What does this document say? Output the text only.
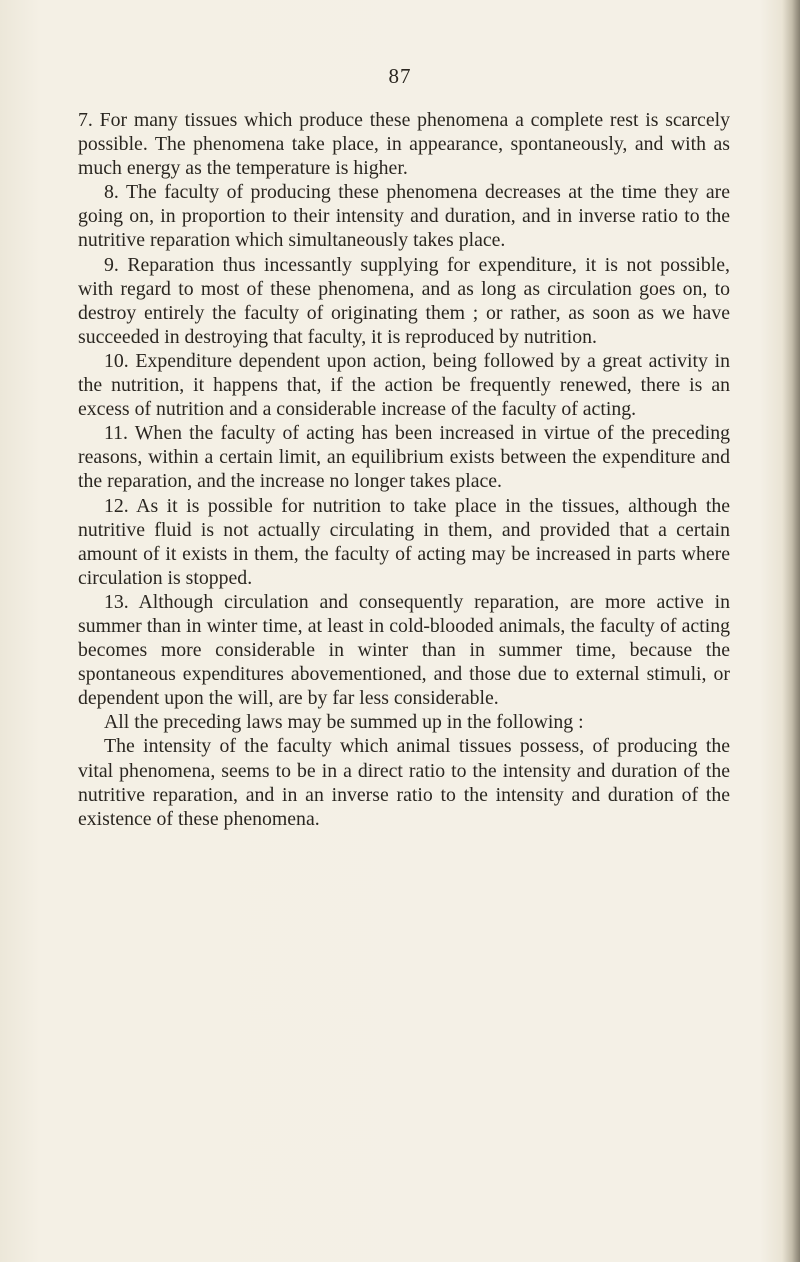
87

7. For many tissues which produce these phenomena a complete rest is scarcely possible. The phenomena take place, in appearance, spontaneously, and with as much energy as the temperature is higher.

8. The faculty of producing these phenomena decreases at the time they are going on, in proportion to their intensity and duration, and in inverse ratio to the nutritive reparation which simultaneously takes place.

9. Reparation thus incessantly supplying for expenditure, it is not possible, with regard to most of these phenomena, and as long as circulation goes on, to destroy entirely the faculty of originating them ; or rather, as soon as we have succeeded in destroying that faculty, it is reproduced by nutrition.

10. Expenditure dependent upon action, being followed by a great activity in the nutrition, it happens that, if the action be frequently renewed, there is an excess of nutrition and a considerable increase of the faculty of acting.

11. When the faculty of acting has been increased in virtue of the preceding reasons, within a certain limit, an equilibrium exists between the expenditure and the reparation, and the increase no longer takes place.

12. As it is possible for nutrition to take place in the tissues, although the nutritive fluid is not actually circulating in them, and provided that a certain amount of it exists in them, the faculty of acting may be increased in parts where circulation is stopped.

13. Although circulation and consequently reparation, are more active in summer than in winter time, at least in cold-blooded animals, the faculty of acting becomes more considerable in winter than in summer time, because the spontaneous expenditures abovementioned, and those due to external stimuli, or dependent upon the will, are by far less considerable.

All the preceding laws may be summed up in the following :

The intensity of the faculty which animal tissues possess, of producing the vital phenomena, seems to be in a direct ratio to the intensity and duration of the nutritive reparation, and in an inverse ratio to the intensity and duration of the existence of these phenomena.
